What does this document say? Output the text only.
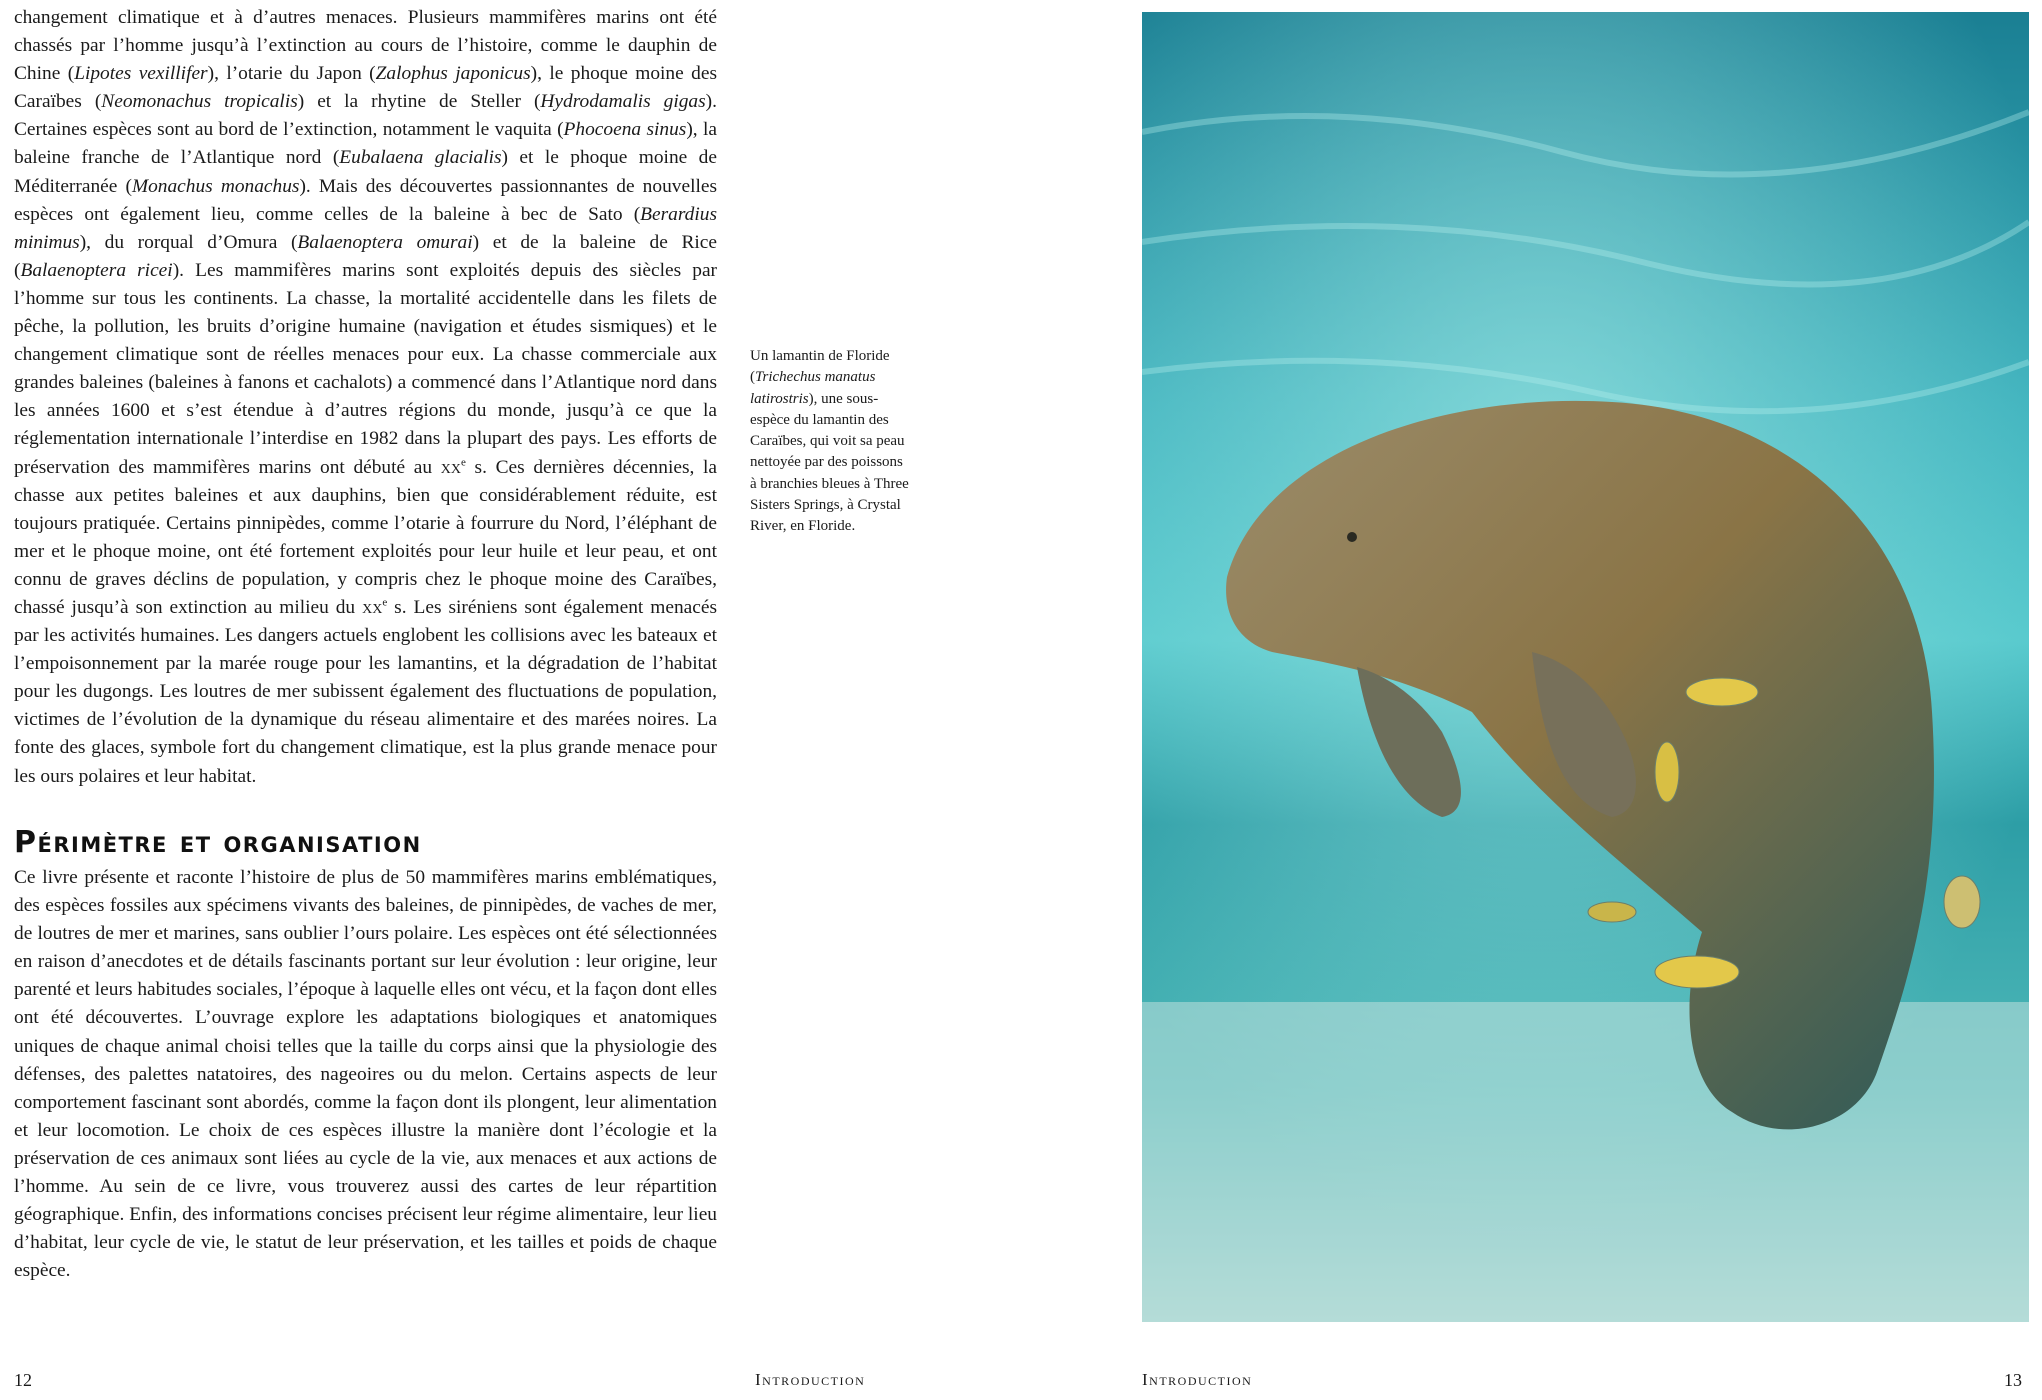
changement climatique et à d’autres menaces. Plusieurs mammifères marins ont été chassés par l’homme jusqu’à l’extinction au cours de l’histoire, comme le dauphin de Chine (Lipotes vexillifer), l’otarie du Japon (Zalophus japonicus), le phoque moine des Caraïbes (Neomonachus tropicalis) et la rhytine de Steller (Hydrodamalis gigas). Certaines espèces sont au bord de l’extinction, notamment le vaquita (Phocoena sinus), la baleine franche de l’Atlantique nord (Eubalaena glacialis) et le phoque moine de Méditerranée (Monachus monachus). Mais des découvertes passionnantes de nouvelles espèces ont également lieu, comme celles de la baleine à bec de Sato (Berardius minimus), du rorqual d’Omura (Balaenoptera omurai) et de la baleine de Rice (Balaenoptera ricei). Les mammifères marins sont exploités depuis des siècles par l’homme sur tous les continents. La chasse, la mortalité accidentelle dans les filets de pêche, la pollution, les bruits d’origine humaine (navigation et études sismiques) et le changement climatique sont de réelles menaces pour eux. La chasse commerciale aux grandes baleines (baleines à fanons et cachalots) a commencé dans l’Atlantique nord dans les années 1600 et s’est étendue à d’autres régions du monde, jusqu’à ce que la réglementation internationale l’interdise en 1982 dans la plupart des pays. Les efforts de préservation des mammifères marins ont débuté au $xx^e$ s. Ces dernières décennies, la chasse aux petites baleines et aux dauphins, bien que considérablement réduite, est toujours pratiquée. Certains pinnipèdes, comme l’otarie à fourrure du Nord, l’éléphant de mer et le phoque moine, ont été fortement exploités pour leur huile et leur peau, et ont connu de graves déclins de population, y compris chez le phoque moine des Caraïbes, chassé jusqu’à son extinction au milieu du $xx^e$ s. Les siréniens sont également menacés par les activités humaines. Les dangers actuels englobent les collisions avec les bateaux et l’empoisonnement par la marée rouge pour les lamantins, et la dégradation de l’habitat pour les dugongs. Les loutres de mer subissent également des fluctuations de population, victimes de l’évolution de la dynamique du réseau alimentaire et des marées noires. La fonte des glaces, symbole fort du changement climatique, est la plus grande menace pour les ours polaires et leur habitat.

Périmètre et organisation

Ce livre présente et raconte l’histoire de plus de 50 mammifères marins emblématiques, des espèces fossiles aux spécimens vivants des baleines, de pinnipèdes, de vaches de mer, de loutres de mer et marines, sans oublier l’ours polaire. Les espèces ont été sélectionnées en raison d’anecdotes et de détails fascinants portant sur leur évolution : leur origine, leur parenté et leurs habitudes sociales, l’époque à laquelle elles ont vécu, et la façon dont elles ont été découvertes. L’ouvrage explore les adaptations biologiques et anatomiques uniques de chaque animal choisi telles que la taille du corps ainsi que la physiologie des défenses, des palettes natatoires, des nageoires ou du melon. Certains aspects de leur comportement fascinant sont abordés, comme la façon dont ils plongent, leur alimentation et leur locomotion. Le choix de ces espèces illustre la manière dont l’écologie et la préservation de ces animaux sont liées au cycle de la vie, aux menaces et aux actions de l’homme. Au sein de ce livre, vous trouverez aussi des cartes de leur répartition géographique. Enfin, des informations concises précisent leur régime alimentaire, leur lieu d’habitat, leur cycle de vie, le statut de leur préservation, et les tailles et poids de chaque espèce.

Un lamantin de Floride (Trichechus manatus latirostris), une sous-espèce du lamantin des Caraïbes, qui voit sa peau nettoyée par des poissons à branchies bleues à Three Sisters Springs, à Crystal River, en Floride.
12	Introduction	Introduction	13
